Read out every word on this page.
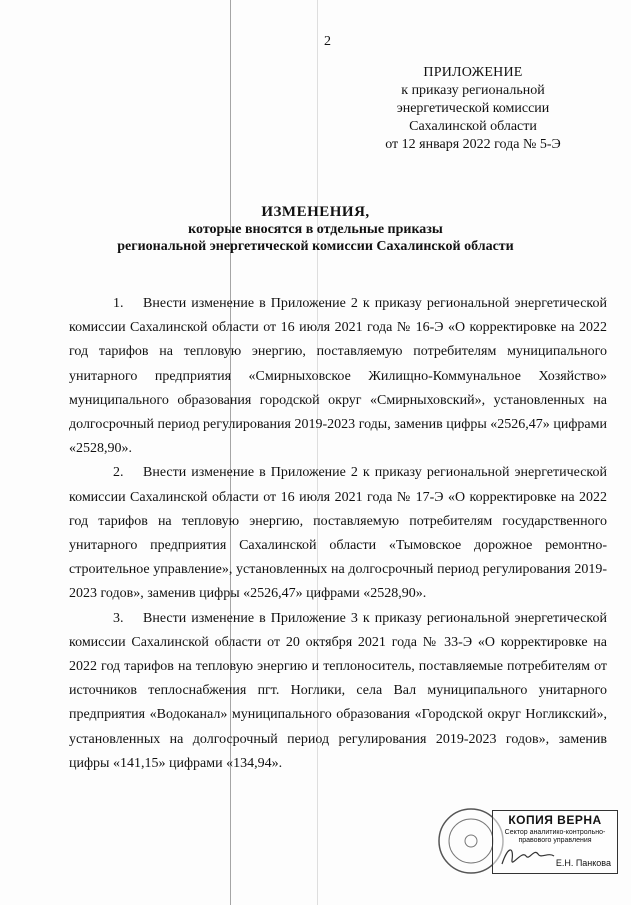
2
ПРИЛОЖЕНИЕ
к приказу региональной
энергетической комиссии
Сахалинской области
от 12 января 2022 года № 5-Э
ИЗМЕНЕНИЯ,
которые вносятся в отдельные приказы
региональной энергетической комиссии Сахалинской области

1. Внести изменение в Приложение 2 к приказу региональной энергетической комиссии Сахалинской области от 16 июля 2021 года № 16-Э «О корректировке на 2022 год тарифов на тепловую энергию, поставляемую потребителям муниципального унитарного предприятия «Смирныховское Жилищно-Коммунальное Хозяйство» муниципального образования городской округ «Смирныховский», установленных на долгосрочный период регулирования 2019-2023 годы, заменив цифры «2526,47» цифрами «2528,90».

2. Внести изменение в Приложение 2 к приказу региональной энергетической комиссии Сахалинской области от 16 июля 2021 года № 17-Э «О корректировке на 2022 год тарифов на тепловую энергию, поставляемую потребителям государственного унитарного предприятия Сахалинской области «Тымовское дорожное ремонтно-строительное управление», установленных на долгосрочный период регулирования 2019-2023 годов», заменив цифры «2526,47» цифрами «2528,90».

3. Внести изменение в Приложение 3 к приказу региональной энергетической комиссии Сахалинской области от 20 октября 2021 года № 33-Э «О корректировке на 2022 год тарифов на тепловую энергию и теплоноситель, поставляемые потребителям от источников теплоснабжения пгт. Ноглики, села Вал муниципального унитарного предприятия «Водоканал» муниципального образования «Городской округ Ногликский», установленных на долгосрочный период регулирования 2019-2023 годов», заменив цифры «141,15» цифрами «134,94».

КОПИЯ ВЕРНА
Сектор аналитико-контрольно-правового управления
Е.Н. Панкова
